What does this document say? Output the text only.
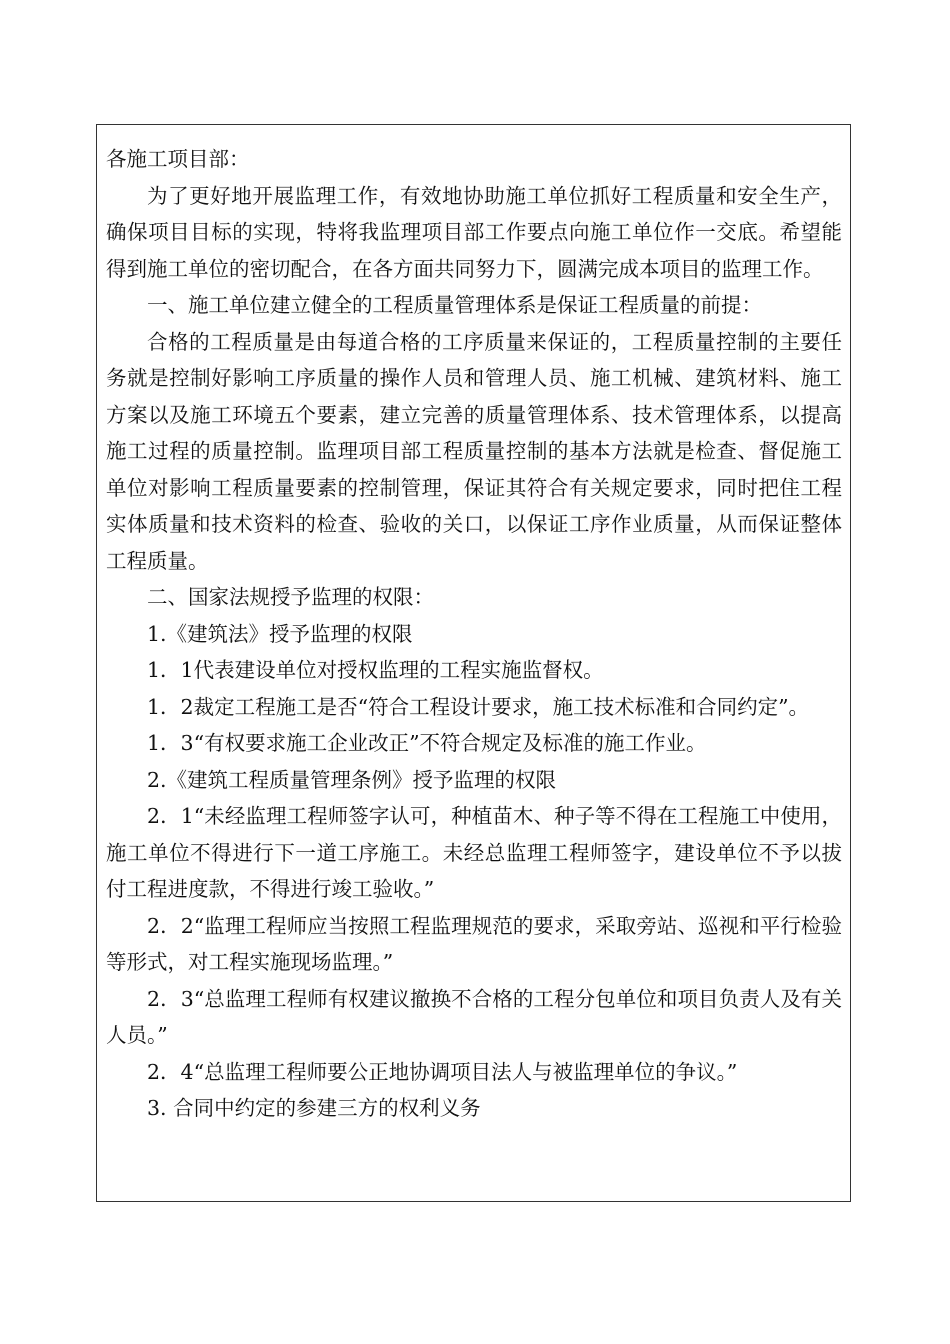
各施工项目部：

为了更好地开展监理工作，有效地协助施工单位抓好工程质量和安全生产，确保项目目标的实现，特将我监理项目部工作要点向施工单位作一交底。希望能得到施工单位的密切配合，在各方面共同努力下，圆满完成本项目的监理工作。

一、施工单位建立健全的工程质量管理体系是保证工程质量的前提：

合格的工程质量是由每道合格的工序质量来保证的，工程质量控制的主要任务就是控制好影响工序质量的操作人员和管理人员、施工机械、建筑材料、施工方案以及施工环境五个要素，建立完善的质量管理体系、技术管理体系，以提高施工过程的质量控制。监理项目部工程质量控制的基本方法就是检查、督促施工单位对影响工程质量要素的控制管理，保证其符合有关规定要求，同时把住工程实体质量和技术资料的检查、验收的关口，以保证工序作业质量，从而保证整体工程质量。

二、国家法规授予监理的权限：

1.《建筑法》授予监理的权限

1．1代表建设单位对授权监理的工程实施监督权。

1．2裁定工程施工是否“符合工程设计要求，施工技术标准和合同约定”。

1．3“有权要求施工企业改正”不符合规定及标准的施工作业。

2.《建筑工程质量管理条例》授予监理的权限

2．1“未经监理工程师签字认可，种植苗木、种子等不得在工程施工中使用，施工单位不得进行下一道工序施工。未经总监理工程师签字，建设单位不予以拔付工程进度款，不得进行竣工验收。”

2．2“监理工程师应当按照工程监理规范的要求，采取旁站、巡视和平行检验等形式，对工程实施现场监理。”

2．3“总监理工程师有权建议撤换不合格的工程分包单位和项目负责人及有关人员。”

2．4“总监理工程师要公正地协调项目法人与被监理单位的争议。”

3. 合同中约定的参建三方的权利义务
